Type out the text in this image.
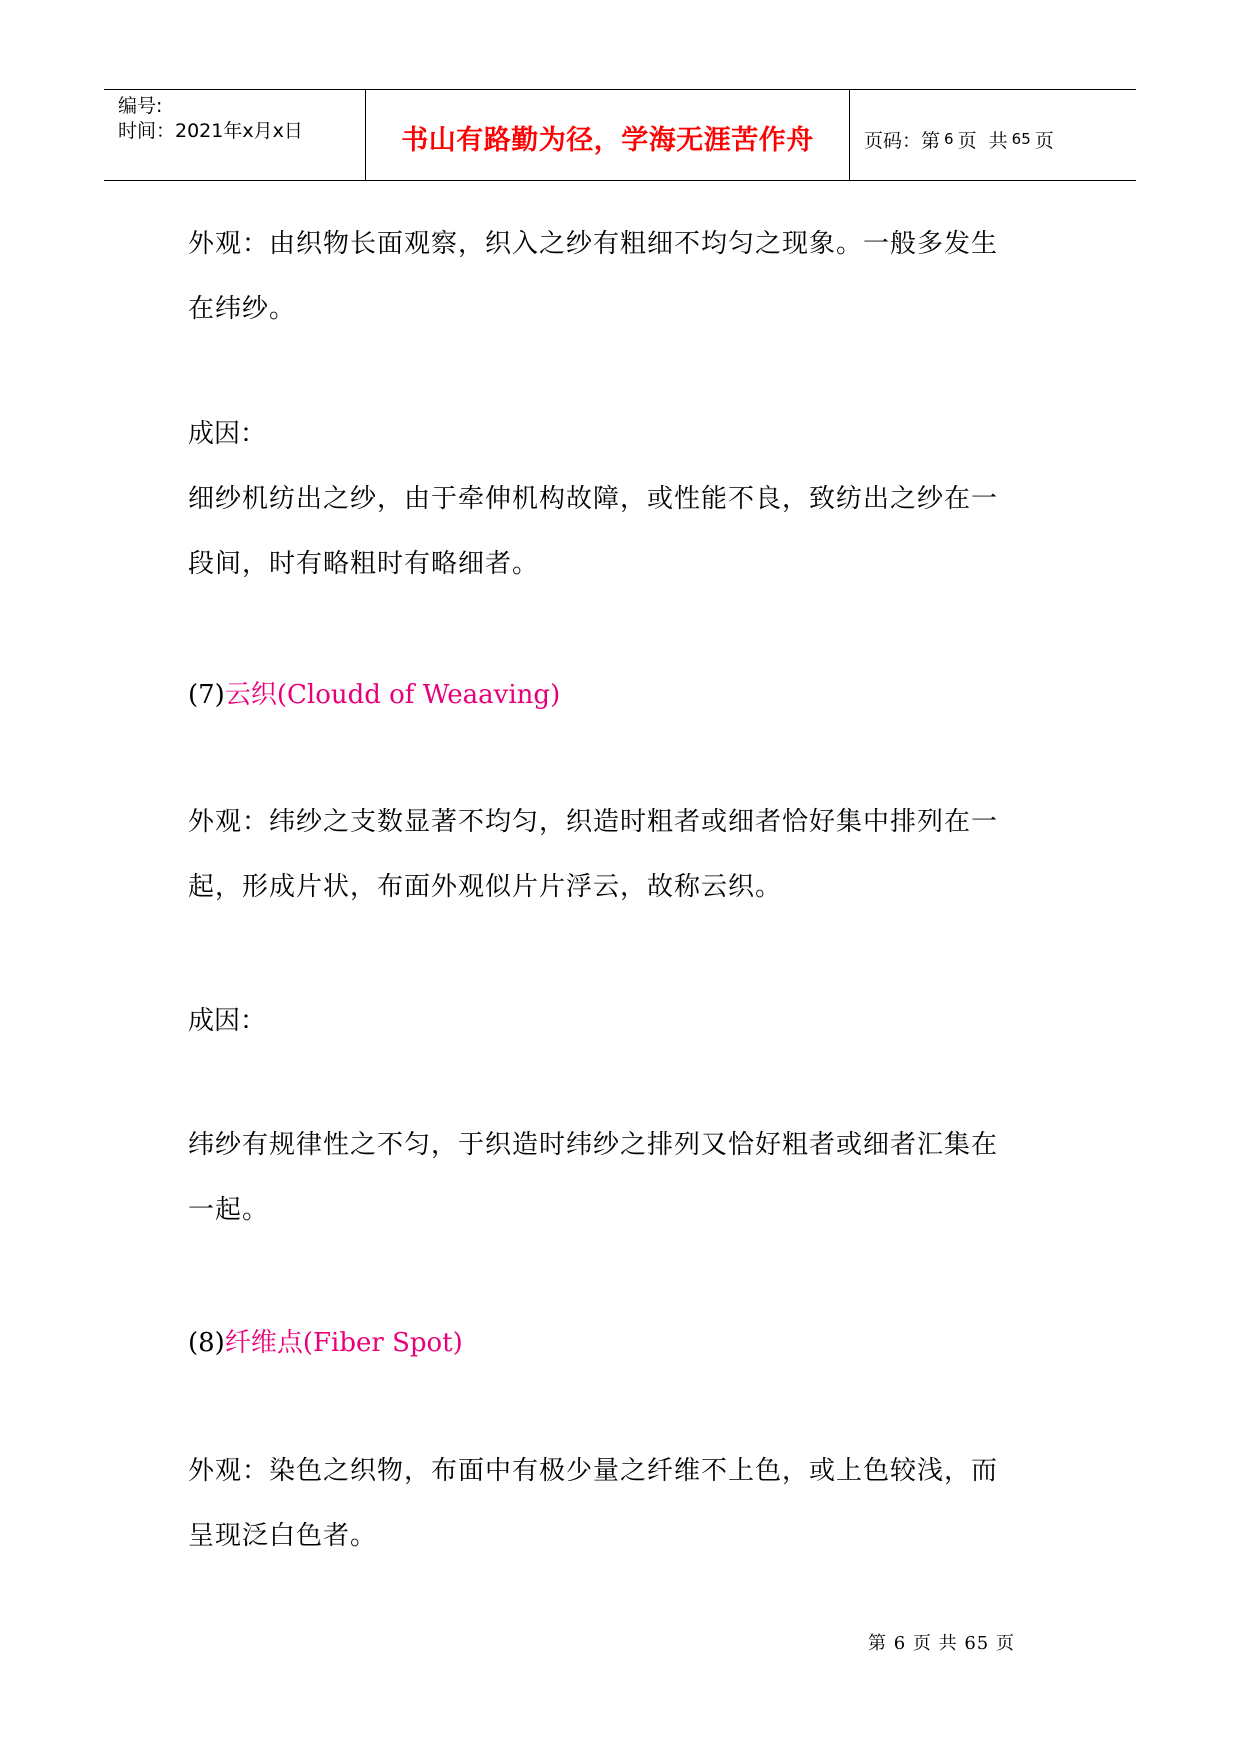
编号:
时间：2021年x月x日	书山有路勤为径，学海无涯苦作舟	页码：第 6 页  共 65 页
外观：由织物长面观察，织入之纱有粗细不均匀之现象。一般多发生
在纬纱。
成因：
细纱机纺出之纱，由于牵伸机构故障，或性能不良，致纺出之纱在一
段间，时有略粗时有略细者。
(7)云织(Cloudd of Weaaving)
外观：纬纱之支数显著不均匀，织造时粗者或细者恰好集中排列在一
起，形成片状，布面外观似片片浮云，故称云织。
成因：
纬纱有规律性之不匀，于织造时纬纱之排列又恰好粗者或细者汇集在
一起。
(8)纤维点(Fiber Spot)
外观：染色之织物，布面中有极少量之纤维不上色，或上色较浅，而
呈现泛白色者。
第 6 页 共 65 页
